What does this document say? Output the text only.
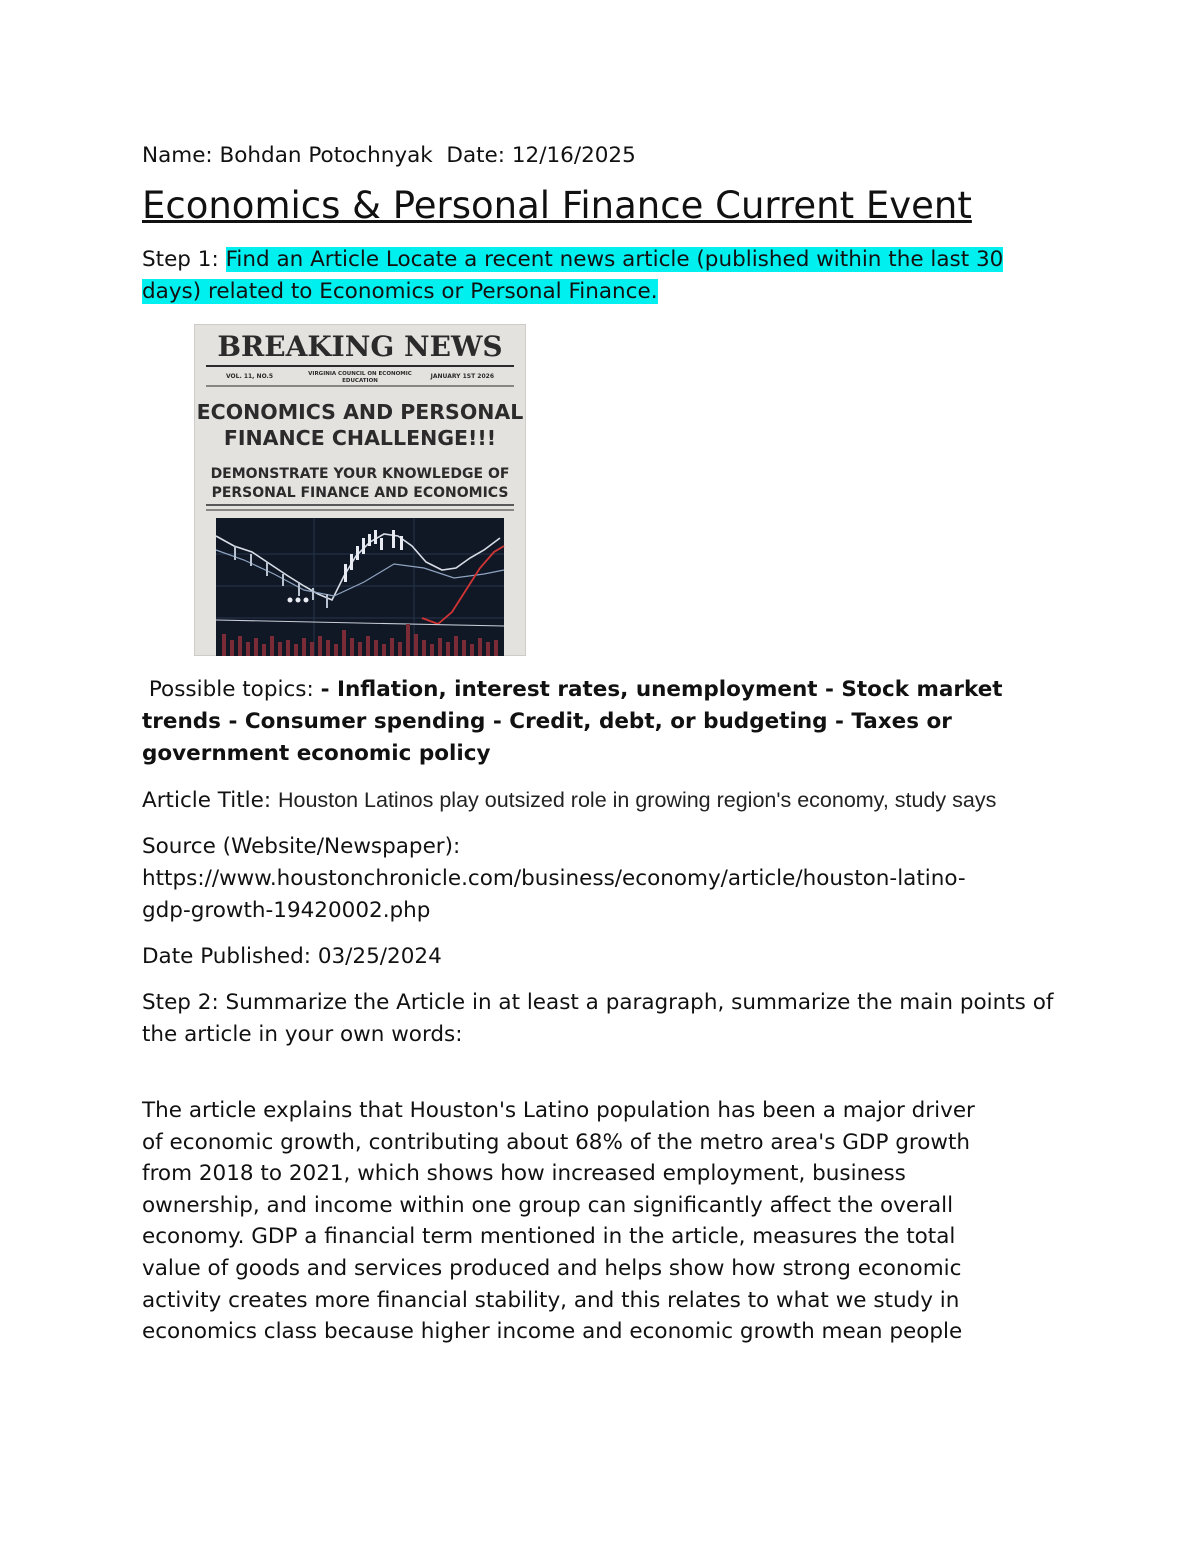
Name: Bohdan Potochnyak Date: 12/16/2025

Economics & Personal Finance Current Event

Step 1: Find an Article Locate a recent news article (published within the last 30 days) related to Economics or Personal Finance.

BREAKING NEWS
VOL. 11, NO.5	VIRGINIA COUNCIL ON ECONOMIC
EDUCATION
JANUARY 1ST 2026
ECONOMICS AND PERSONAL
FINANCE CHALLENGE!!!
DEMONSTRATE YOUR KNOWLEDGE OF
PERSONAL FINANCE AND ECONOMICS

Possible topics: - Inflation, interest rates, unemployment - Stock market trends - Consumer spending - Credit, debt, or budgeting - Taxes or government economic policy

Article Title: Houston Latinos play outsized role in growing region's economy, study says

Source (Website/Newspaper):
https://www.houstonchronicle.com/business/economy/article/houston-latino-
gdp-growth-19420002.php

Date Published: 03/25/2024

Step 2: Summarize the Article in at least a paragraph, summarize the main points of the article in your own words:

The article explains that Houston's Latino population has been a major driver
of economic growth, contributing about 68% of the metro area's GDP growth
from 2018 to 2021, which shows how increased employment, business
ownership, and income within one group can significantly affect the overall
economy. GDP a financial term mentioned in the article, measures the total
value of goods and services produced and helps show how strong economic
activity creates more financial stability, and this relates to what we study in
economics class because higher income and economic growth mean people
